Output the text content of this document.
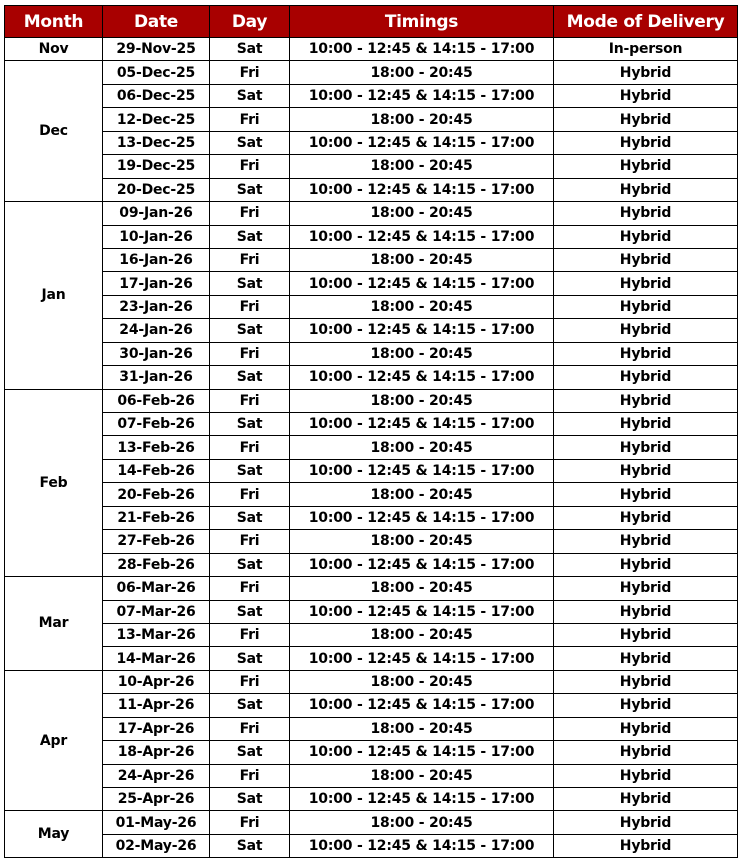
Month	Date	Day	Timings	Mode of Delivery
Nov	29-Nov-25	Sat	10:00 - 12:45 & 14:15 - 17:00	In-person
Dec	05-Dec-25	Fri	18:00 - 20:45	Hybrid
	06-Dec-25	Sat	10:00 - 12:45 & 14:15 - 17:00	Hybrid
	12-Dec-25	Fri	18:00 - 20:45	Hybrid
	13-Dec-25	Sat	10:00 - 12:45 & 14:15 - 17:00	Hybrid
	19-Dec-25	Fri	18:00 - 20:45	Hybrid
	20-Dec-25	Sat	10:00 - 12:45 & 14:15 - 17:00	Hybrid
Jan	09-Jan-26	Fri	18:00 - 20:45	Hybrid
	10-Jan-26	Sat	10:00 - 12:45 & 14:15 - 17:00	Hybrid
	16-Jan-26	Fri	18:00 - 20:45	Hybrid
	17-Jan-26	Sat	10:00 - 12:45 & 14:15 - 17:00	Hybrid
	23-Jan-26	Fri	18:00 - 20:45	Hybrid
	24-Jan-26	Sat	10:00 - 12:45 & 14:15 - 17:00	Hybrid
	30-Jan-26	Fri	18:00 - 20:45	Hybrid
	31-Jan-26	Sat	10:00 - 12:45 & 14:15 - 17:00	Hybrid
Feb	06-Feb-26	Fri	18:00 - 20:45	Hybrid
	07-Feb-26	Sat	10:00 - 12:45 & 14:15 - 17:00	Hybrid
	13-Feb-26	Fri	18:00 - 20:45	Hybrid
	14-Feb-26	Sat	10:00 - 12:45 & 14:15 - 17:00	Hybrid
	20-Feb-26	Fri	18:00 - 20:45	Hybrid
	21-Feb-26	Sat	10:00 - 12:45 & 14:15 - 17:00	Hybrid
	27-Feb-26	Fri	18:00 - 20:45	Hybrid
	28-Feb-26	Sat	10:00 - 12:45 & 14:15 - 17:00	Hybrid
Mar	06-Mar-26	Fri	18:00 - 20:45	Hybrid
	07-Mar-26	Sat	10:00 - 12:45 & 14:15 - 17:00	Hybrid
	13-Mar-26	Fri	18:00 - 20:45	Hybrid
	14-Mar-26	Sat	10:00 - 12:45 & 14:15 - 17:00	Hybrid
Apr	10-Apr-26	Fri	18:00 - 20:45	Hybrid
	11-Apr-26	Sat	10:00 - 12:45 & 14:15 - 17:00	Hybrid
	17-Apr-26	Fri	18:00 - 20:45	Hybrid
	18-Apr-26	Sat	10:00 - 12:45 & 14:15 - 17:00	Hybrid
	24-Apr-26	Fri	18:00 - 20:45	Hybrid
	25-Apr-26	Sat	10:00 - 12:45 & 14:15 - 17:00	Hybrid
May	01-May-26	Fri	18:00 - 20:45	Hybrid
	02-May-26	Sat	10:00 - 12:45 & 14:15 - 17:00	Hybrid
